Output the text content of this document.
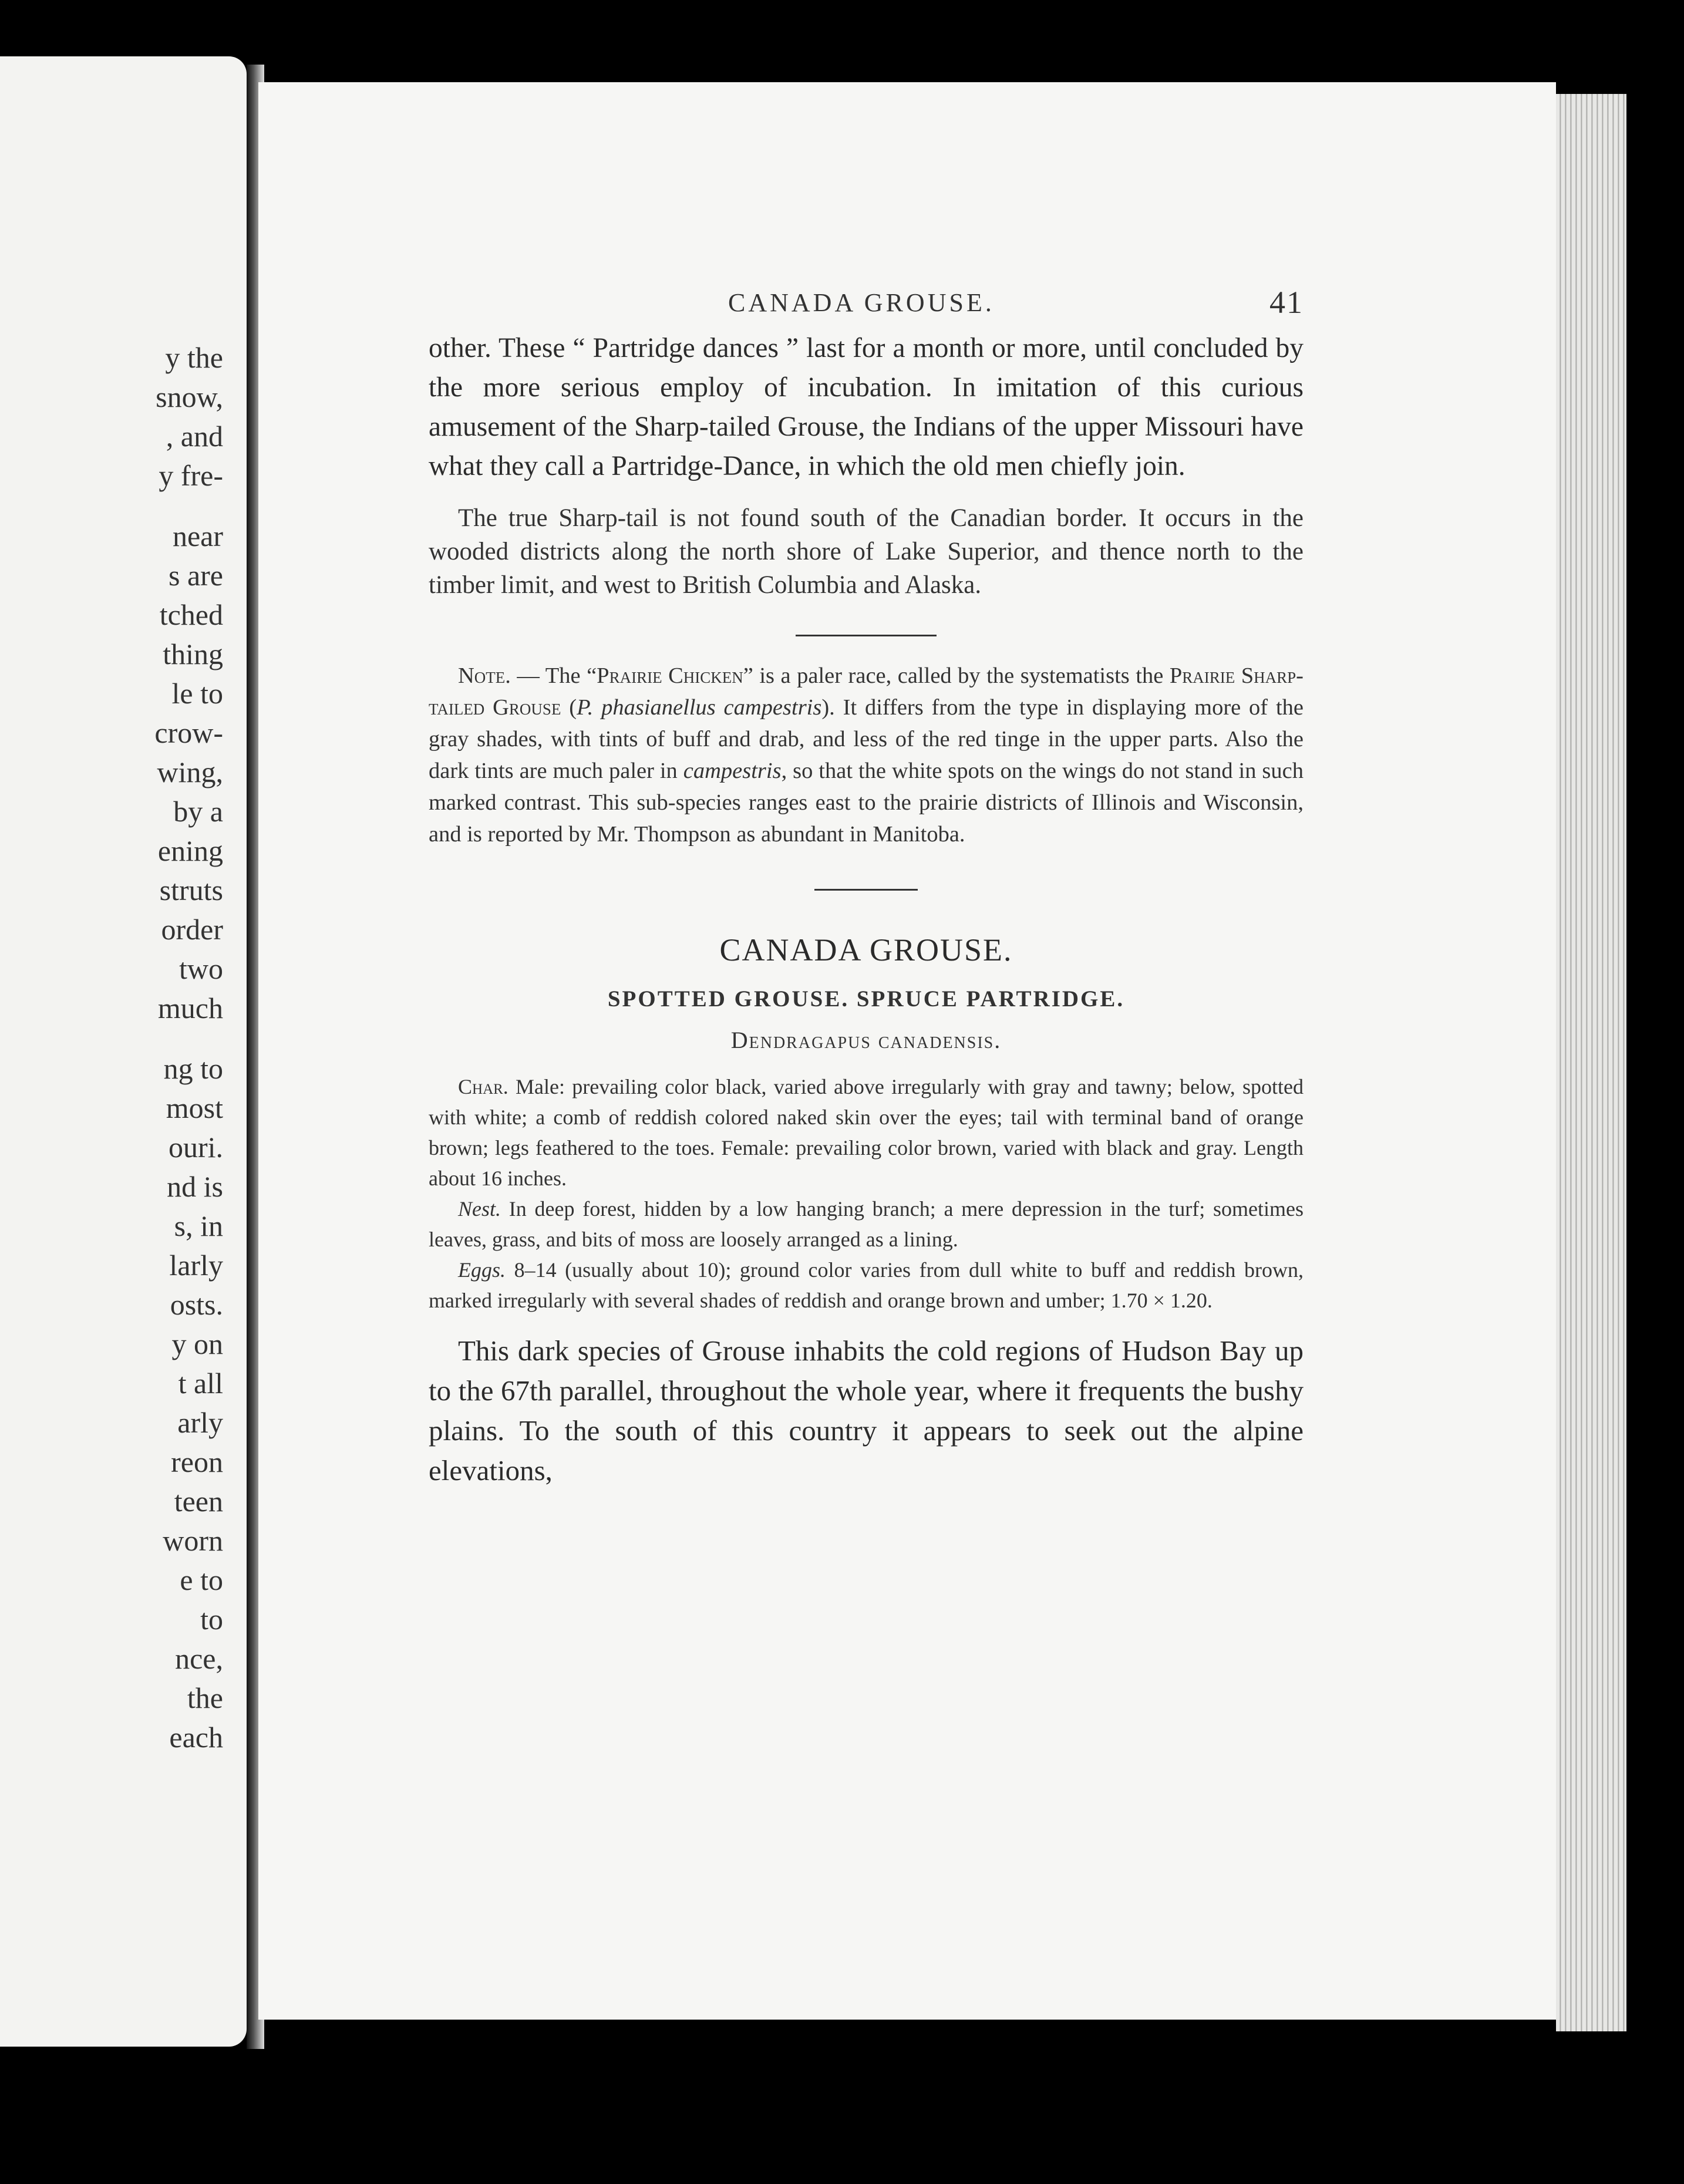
y the
snow,
, and
y fre-
near
s are
tched
thing
le to
crow-
wing,
by a
ening
struts
order
two
much
ng to
most
ouri.
nd is
s, in
larly
osts.
y on
t all
arly
reon
teen
worn
e to
to
nce,
the
each
CANADA GROUSE.	41

other. These “ Partridge dances ” last for a month or more, until concluded by the more serious employ of incubation. In imitation of this curious amusement of the Sharp-tailed Grouse, the Indians of the upper Missouri have what they call a Partridge-Dance, in which the old men chiefly join.

The true Sharp-tail is not found south of the Canadian border. It occurs in the wooded districts along the north shore of Lake Superior, and thence north to the timber limit, and west to British Columbia and Alaska.

Note. — The “Prairie Chicken” is a paler race, called by the systematists the Prairie Sharp-tailed Grouse (P. phasianellus campestris). It differs from the type in displaying more of the gray shades, with tints of buff and drab, and less of the red tinge in the upper parts. Also the dark tints are much paler in campestris, so that the white spots on the wings do not stand in such marked contrast. This sub-species ranges east to the prairie districts of Illinois and Wisconsin, and is reported by Mr. Thompson as abundant in Manitoba.

CANADA GROUSE.

SPOTTED GROUSE. SPRUCE PARTRIDGE.

Dendragapus canadensis.

Char. Male: prevailing color black, varied above irregularly with gray and tawny; below, spotted with white; a comb of reddish colored naked skin over the eyes; tail with terminal band of orange brown; legs feathered to the toes. Female: prevailing color brown, varied with black and gray. Length about 16 inches.

Nest. In deep forest, hidden by a low hanging branch; a mere depression in the turf; sometimes leaves, grass, and bits of moss are loosely arranged as a lining.

Eggs. 8–14 (usually about 10); ground color varies from dull white to buff and reddish brown, marked irregularly with several shades of reddish and orange brown and umber; 1.70 × 1.20.

This dark species of Grouse inhabits the cold regions of Hudson Bay up to the 67th parallel, throughout the whole year, where it frequents the bushy plains. To the south of this country it appears to seek out the alpine elevations,
